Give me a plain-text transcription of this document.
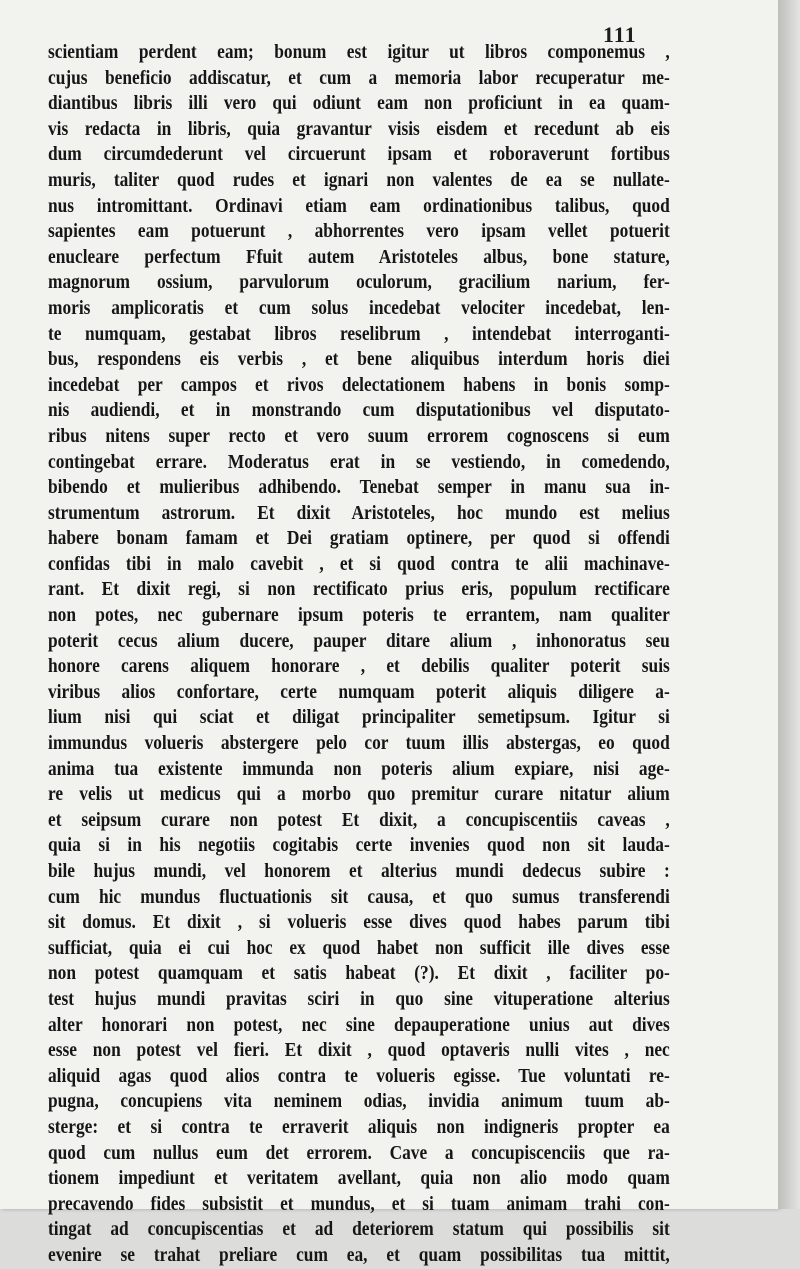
111
scientiam perdent eam; bonum est igitur ut libros componemus ,
cujus beneficio addiscatur, et cum a memoria labor recuperatur me-
diantibus libris illi vero qui odiunt eam non proficiunt in ea quam-
vis redacta in libris, quia gravantur visis eisdem et recedunt ab eis
dum circumdederunt vel circuerunt ipsam et roboraverunt fortibus
muris, taliter quod rudes et ignari non valentes de ea se nullate-
nus intromittant. Ordinavi etiam eam ordinationibus talibus, quod
sapientes eam potuerunt , abhorrentes vero ipsam vellet potuerit
enucleare perfectum Ffuit autem Aristoteles albus, bone stature,
magnorum ossium, parvulorum oculorum, gracilium narium, fer-
moris amplicoratis et cum solus incedebat velociter incedebat, len-
te numquam, gestabat libros reselibrum , intendebat interroganti-
bus, respondens eis verbis , et bene aliquibus interdum horis diei
incedebat per campos et rivos delectationem habens in bonis somp-
nis audiendi, et in monstrando cum disputationibus vel disputato-
ribus nitens super recto et vero suum errorem cognoscens si eum
contingebat errare. Moderatus erat in se vestiendo, in comedendo,
bibendo et mulieribus adhibendo. Tenebat semper in manu sua in-
strumentum astrorum. Et dixit Aristoteles, hoc mundo est melius
habere bonam famam et Dei gratiam optinere, per quod si offendi
confidas tibi in malo cavebit , et si quod contra te alii machinave-
rant. Et dixit regi, si non rectificato prius eris, populum rectificare
non potes, nec gubernare ipsum poteris te errantem, nam qualiter
poterit cecus alium ducere, pauper ditare alium , inhonoratus seu
honore carens aliquem honorare , et debilis qualiter poterit suis
viribus alios confortare, certe numquam poterit aliquis diligere a-
lium nisi qui sciat et diligat principaliter semetipsum. Igitur si
immundus volueris abstergere pelo cor tuum illis abstergas, eo quod
anima tua existente immunda non poteris alium expiare, nisi age-
re velis ut medicus qui a morbo quo premitur curare nitatur alium
et seipsum curare non potest Et dixit, a concupiscentiis caveas ,
quia si in his negotiis cogitabis certe invenies quod non sit lauda-
bile hujus mundi, vel honorem et alterius mundi dedecus subire :
cum hic mundus fluctuationis sit causa, et quo sumus transferendi
sit domus. Et dixit , si volueris esse dives quod habes parum tibi
sufficiat, quia ei cui hoc ex quod habet non sufficit ille dives esse
non potest quamquam et satis habeat (?). Et dixit , faciliter po-
test hujus mundi pravitas sciri in quo sine vituperatione alterius
alter honorari non potest, nec sine depauperatione unius aut dives
esse non potest vel fieri. Et dixit , quod optaveris nulli vites , nec
aliquid agas quod alios contra te volueris egisse. Tue voluntati re-
pugna, concupiens vita neminem odias, invidia animum tuum ab-
sterge: et si contra te erraverit aliquis non indigneris propter ea
quod cum nullus eum det errorem. Cave a concupiscenciis que ra-
tionem impediunt et veritatem avellant, quia non alio modo quam
precavendo fides subsistit et mundus, et si tuam animam trahi con-
tingat ad concupiscentias et ad deteriorem statum qui possibilis sit
evenire se trahat preliare cum ea, et quam possibilitas tua mittit,
